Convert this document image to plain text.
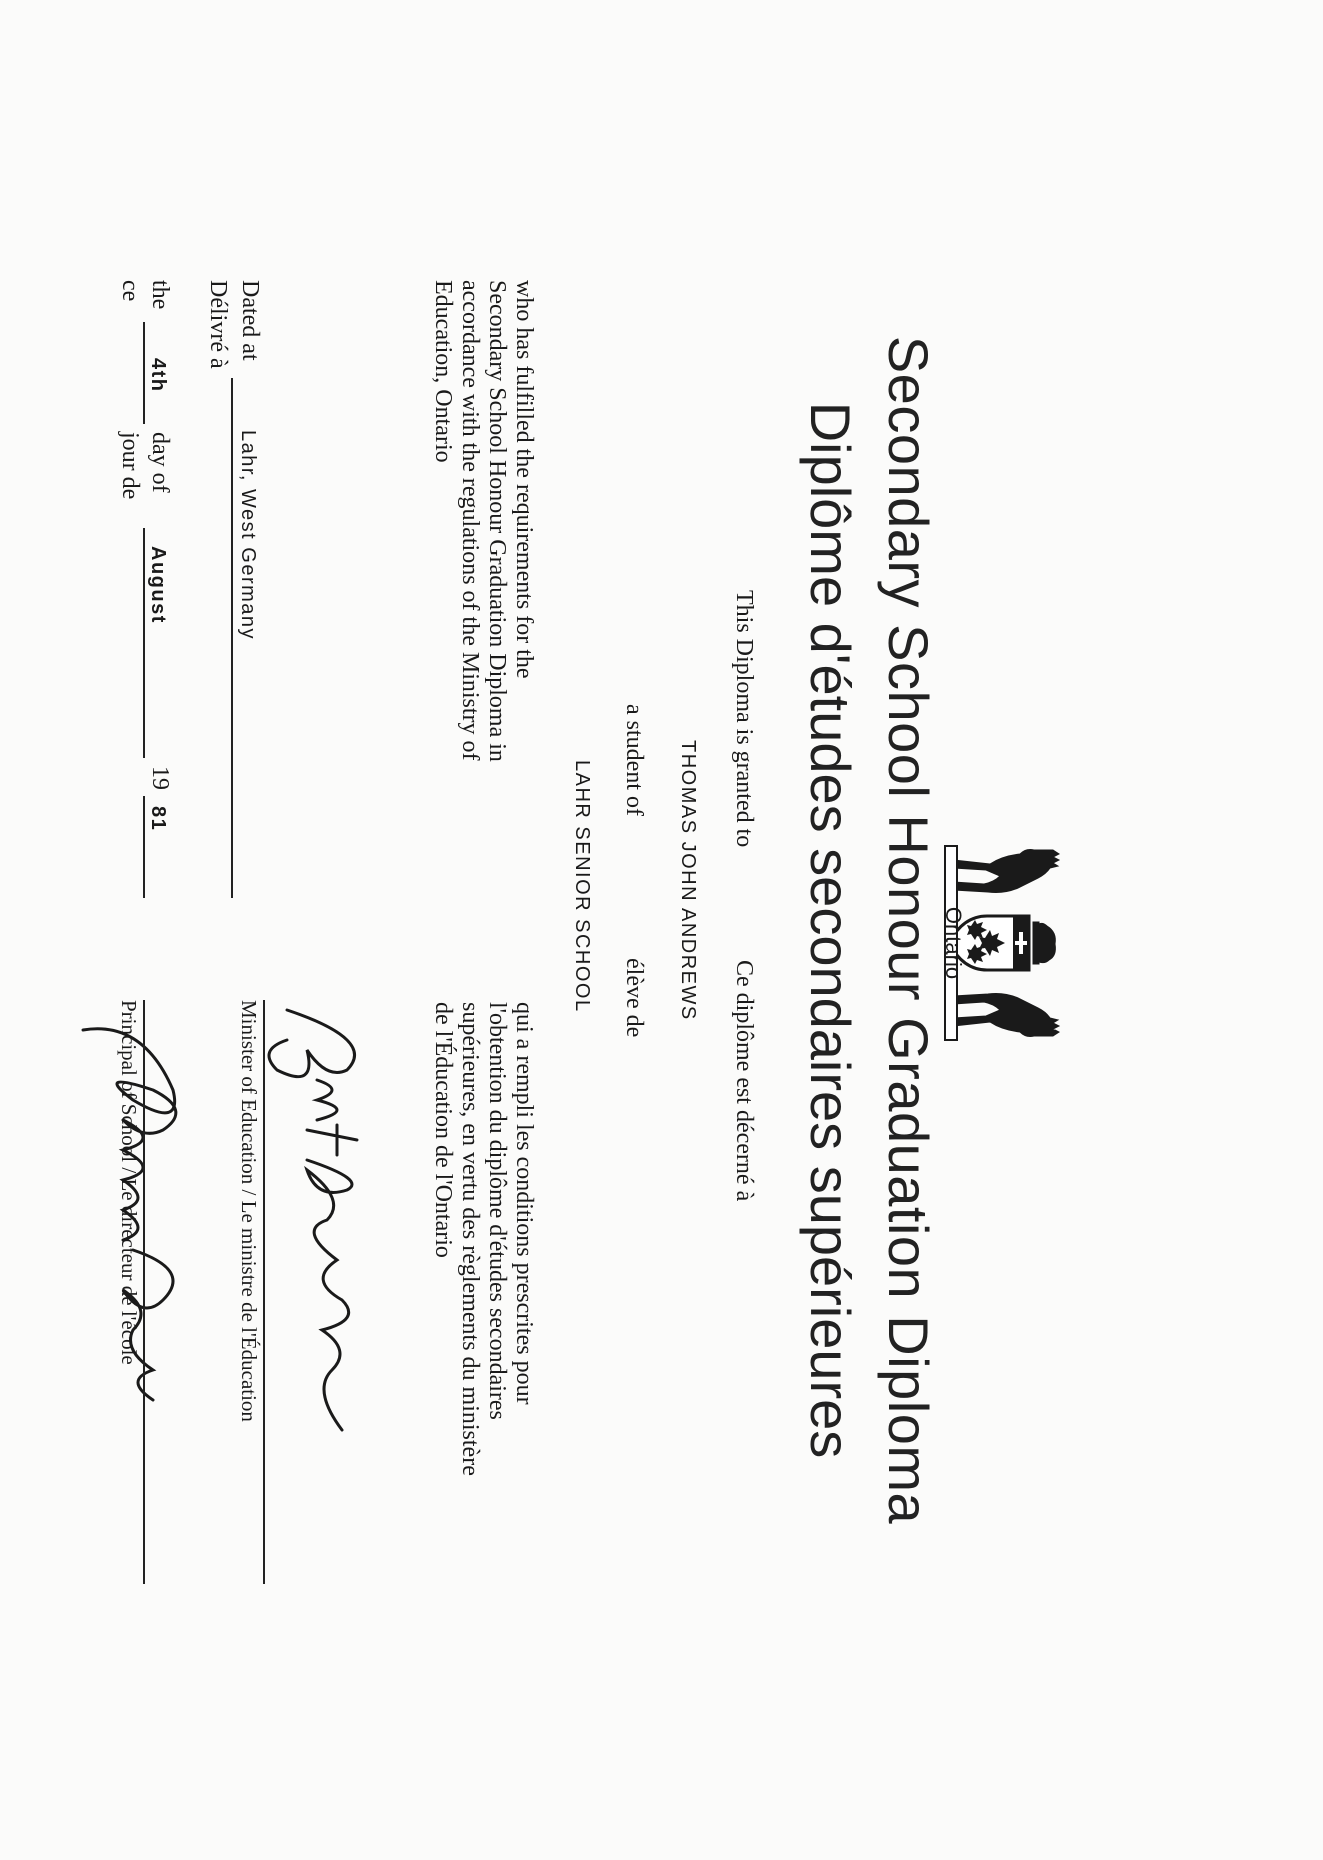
Ontario
Secondary School Honour Graduation Diploma
Diplôme d'études secondaires supérieures
This Diploma is granted to
Ce diplôme est décerné à
THOMAS JOHN ANDREWS
a student of
élève de
LAHR SENIOR SCHOOL
who has fulfilled the requirements for the
Secondary School Honour Graduation Diploma in
accordance with the regulations of the Ministry of
Education, Ontario
qui a rempli les conditions prescrites pour
l'obtention du diplôme d'études secondaires
supérieures, en vertu des règlements du ministère
de l'Éducation de l'Ontario
Dated at
Délivré à
Lahr, West Germany
the
ce
4th
day of
jour de
August
19
81
Minister of Education / Le ministre de l'Éducation
Principal of School / Le directeur de l'école
